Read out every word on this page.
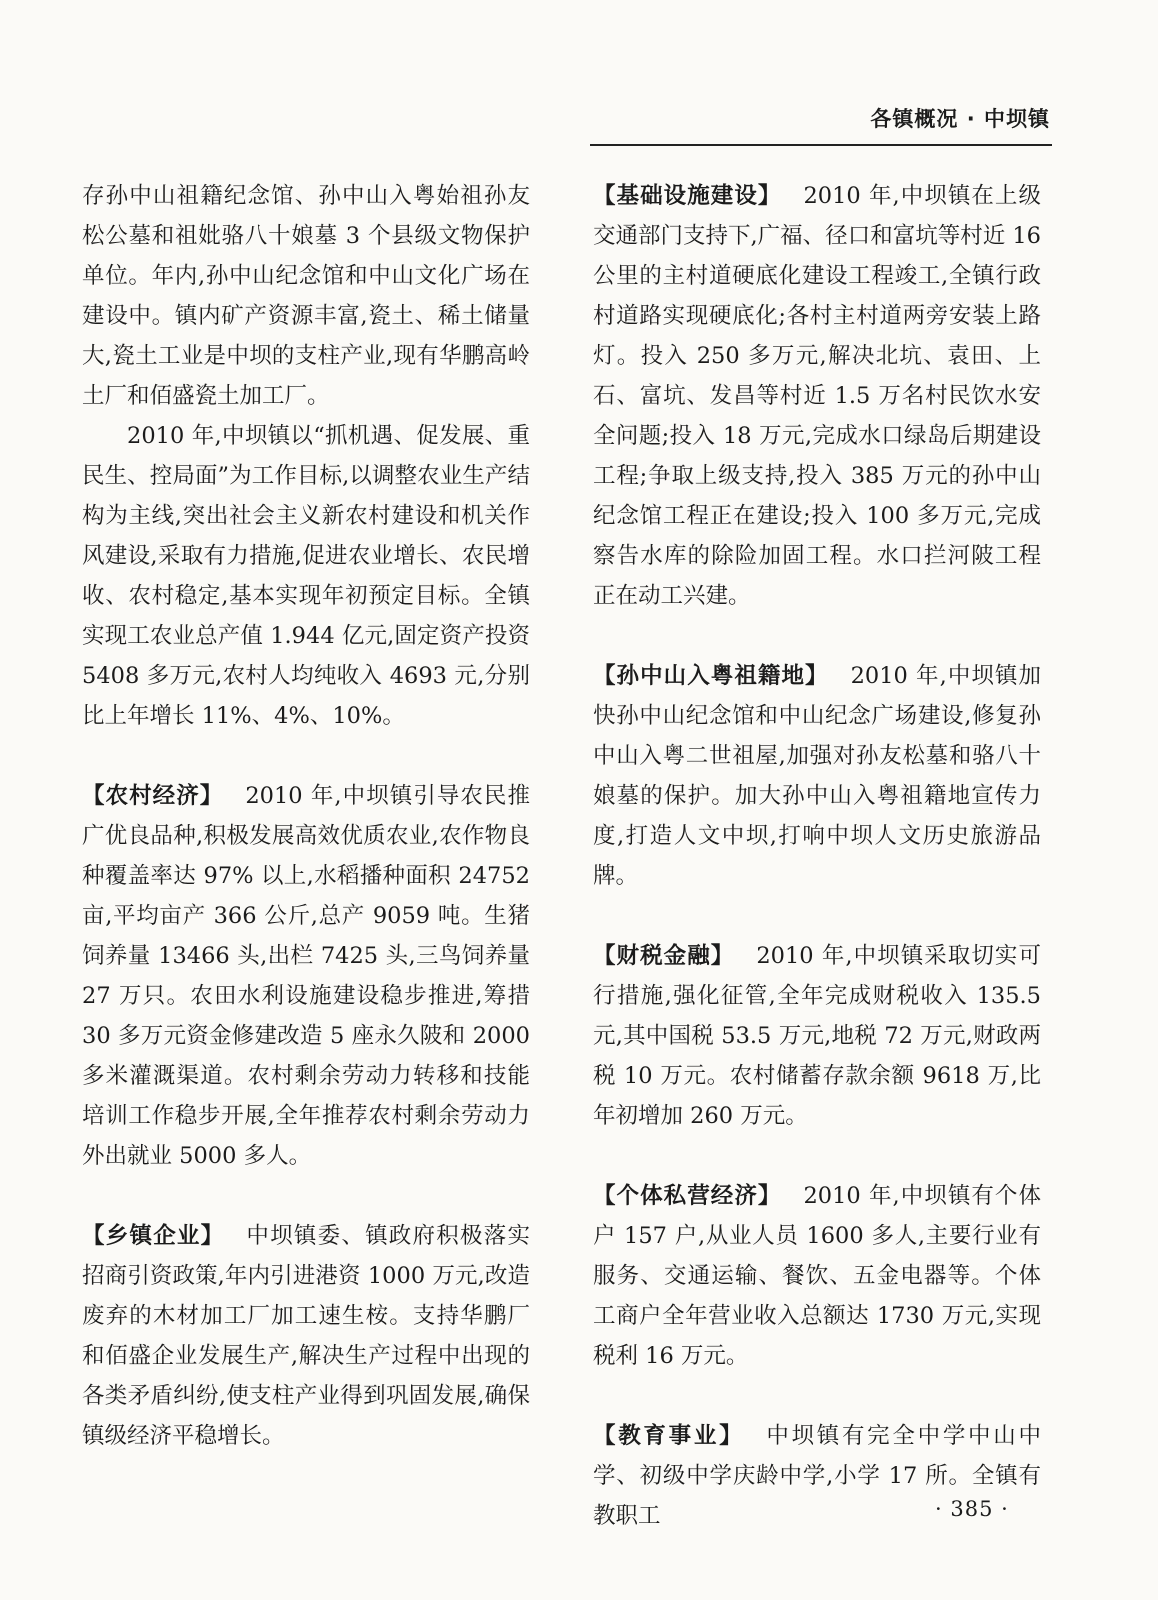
各镇概况 · 中坝镇

存孙中山祖籍纪念馆、孙中山入粤始祖孙友松公墓和祖妣骆八十娘墓 3 个县级文物保护单位。年内,孙中山纪念馆和中山文化广场在建设中。镇内矿产资源丰富,瓷土、稀土储量大,瓷土工业是中坝的支柱产业,现有华鹏高岭土厂和佰盛瓷土加工厂。

2010 年,中坝镇以“抓机遇、促发展、重民生、控局面”为工作目标,以调整农业生产结构为主线,突出社会主义新农村建设和机关作风建设,采取有力措施,促进农业增长、农民增收、农村稳定,基本实现年初预定目标。全镇实现工农业总产值 1.944 亿元,固定资产投资 5408 多万元,农村人均纯收入 4693 元,分别比上年增长 11%、4%、10%。

【农村经济】 2010 年,中坝镇引导农民推广优良品种,积极发展高效优质农业,农作物良种覆盖率达 97% 以上,水稻播种面积 24752 亩,平均亩产 366 公斤,总产 9059 吨。生猪饲养量 13466 头,出栏 7425 头,三鸟饲养量 27 万只。农田水利设施建设稳步推进,筹措 30 多万元资金修建改造 5 座永久陂和 2000 多米灌溉渠道。农村剩余劳动力转移和技能培训工作稳步开展,全年推荐农村剩余劳动力外出就业 5000 多人。

【乡镇企业】 中坝镇委、镇政府积极落实招商引资政策,年内引进港资 1000 万元,改造废弃的木材加工厂加工速生桉。支持华鹏厂和佰盛企业发展生产,解决生产过程中出现的各类矛盾纠纷,使支柱产业得到巩固发展,确保镇级经济平稳增长。

【基础设施建设】 2010 年,中坝镇在上级交通部门支持下,广福、径口和富坑等村近 16 公里的主村道硬底化建设工程竣工,全镇行政村道路实现硬底化;各村主村道两旁安装上路灯。投入 250 多万元,解决北坑、袁田、上石、富坑、发昌等村近 1.5 万名村民饮水安全问题;投入 18 万元,完成水口绿岛后期建设工程;争取上级支持,投入 385 万元的孙中山纪念馆工程正在建设;投入 100 多万元,完成察告水库的除险加固工程。水口拦河陂工程正在动工兴建。

【孙中山入粤祖籍地】 2010 年,中坝镇加快孙中山纪念馆和中山纪念广场建设,修复孙中山入粤二世祖屋,加强对孙友松墓和骆八十娘墓的保护。加大孙中山入粤祖籍地宣传力度,打造人文中坝,打响中坝人文历史旅游品牌。

【财税金融】 2010 年,中坝镇采取切实可行措施,强化征管,全年完成财税收入 135.5 元,其中国税 53.5 万元,地税 72 万元,财政两税 10 万元。农村储蓄存款余额 9618 万,比年初增加 260 万元。

【个体私营经济】 2010 年,中坝镇有个体户 157 户,从业人员 1600 多人,主要行业有服务、交通运输、餐饮、五金电器等。个体工商户全年营业收入总额达 1730 万元,实现税利 16 万元。

【教育事业】 中坝镇有完全中学中山中学、初级中学庆龄中学,小学 17 所。全镇有教职工	· 385 ·
